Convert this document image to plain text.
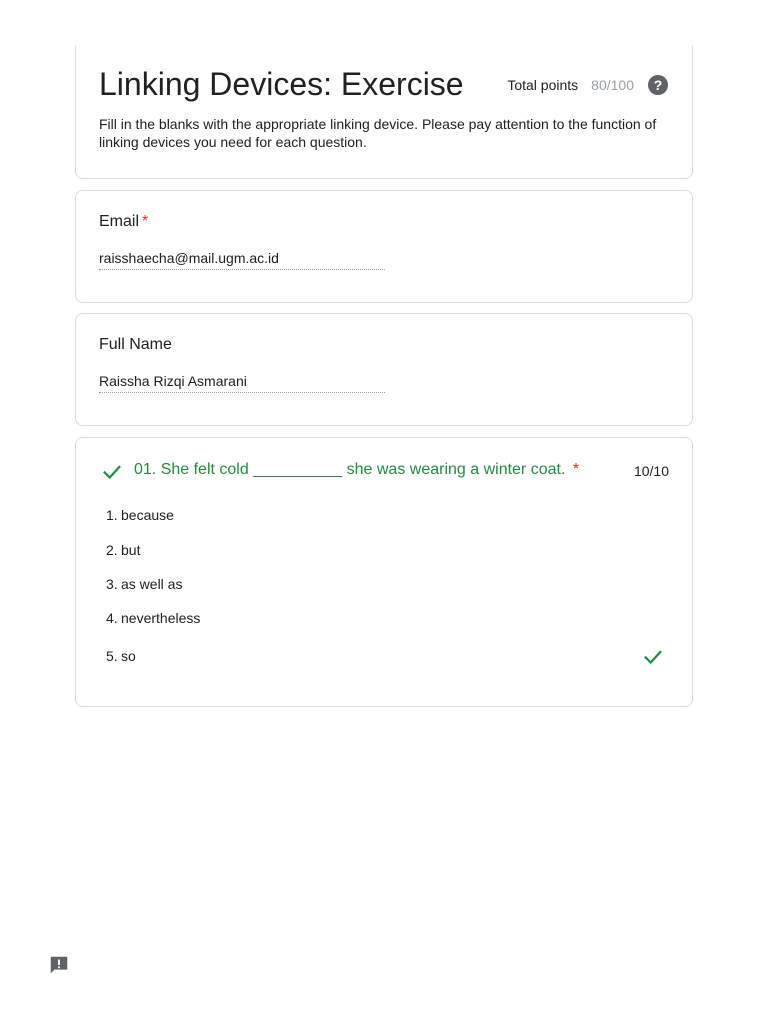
Linking Devices: Exercise	Total points 80/100	?
Fill in the blanks with the appropriate linking device. Please pay attention to the function of linking devices you need for each question.
Email *
raisshaecha@mail.ugm.ac.id
Full Name
Raissha Rizqi Asmarani
01. She felt cold __________ she was wearing a winter coat. *	10/10
1. because
2. but
3. as well as
4. nevertheless
5. so
